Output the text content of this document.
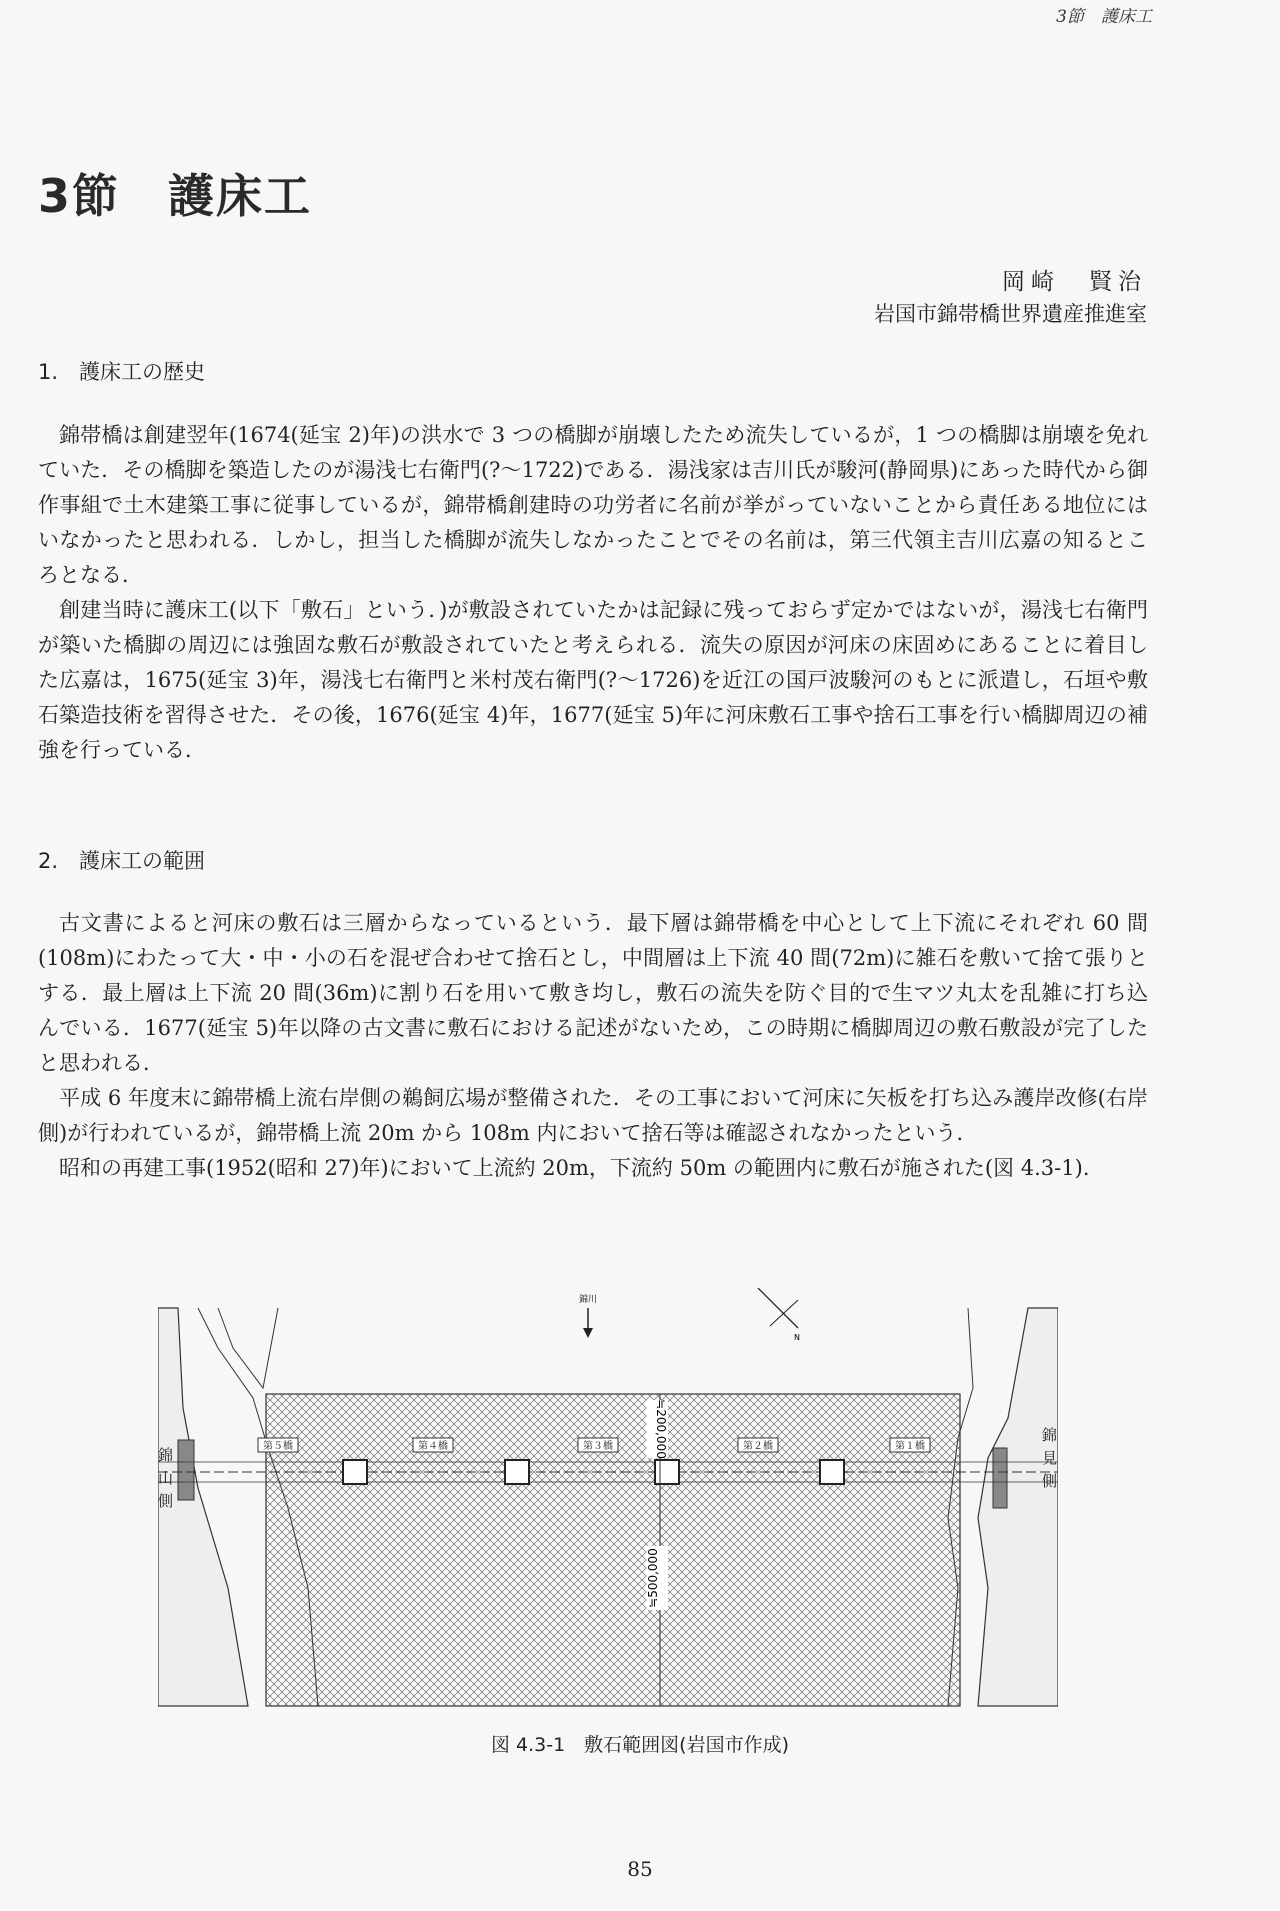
3節　護床工
3節　護床工
岡崎　賢治
岩国市錦帯橋世界遺産推進室
1.　護床工の歴史

錦帯橋は創建翌年(1674(延宝 2)年)の洪水で 3 つの橋脚が崩壊したため流失しているが，1 つの橋脚は崩壊を免れていた．その橋脚を築造したのが湯浅七右衛門(?～1722)である．湯浅家は吉川氏が駿河(静岡県)にあった時代から御作事組で土木建築工事に従事しているが，錦帯橋創建時の功労者に名前が挙がっていないことから責任ある地位にはいなかったと思われる．しかし，担当した橋脚が流失しなかったことでその名前は，第三代領主吉川広嘉の知るところとなる．

創建当時に護床工(以下「敷石」という．)が敷設されていたかは記録に残っておらず定かではないが，湯浅七右衛門が築いた橋脚の周辺には強固な敷石が敷設されていたと考えられる．流失の原因が河床の床固めにあることに着目した広嘉は，1675(延宝 3)年，湯浅七右衛門と米村茂右衛門(?～1726)を近江の国戸波駿河のもとに派遣し，石垣や敷石築造技術を習得させた．その後，1676(延宝 4)年，1677(延宝 5)年に河床敷石工事や捨石工事を行い橋脚周辺の補強を行っている．

2.　護床工の範囲

古文書によると河床の敷石は三層からなっているという．最下層は錦帯橋を中心として上下流にそれぞれ 60 間(108m)にわたって大・中・小の石を混ぜ合わせて捨石とし，中間層は上下流 40 間(72m)に雑石を敷いて捨て張りとする．最上層は上下流 20 間(36m)に割り石を用いて敷き均し，敷石の流失を防ぐ目的で生マツ丸太を乱雑に打ち込んでいる．1677(延宝 5)年以降の古文書に敷石における記述がないため，この時期に橋脚周辺の敷石敷設が完了したと思われる．

平成 6 年度末に錦帯橋上流右岸側の鵜飼広場が整備された．その工事において河床に矢板を打ち込み護岸改修(右岸側)が行われているが，錦帯橋上流 20m から 108m 内において捨石等は確認されなかったという．

昭和の再建工事(1952(昭和 27)年)において上流約 20m，下流約 50m の範囲内に敷石が施された(図 4.3-1).

第５橋	第４橋	第３橋	第２橋	第１橋
≒200,000
≒500,000
錦
山
側
錦
見
側
錦川
N
図 4.3-1　敷石範囲図(岩国市作成)
85
